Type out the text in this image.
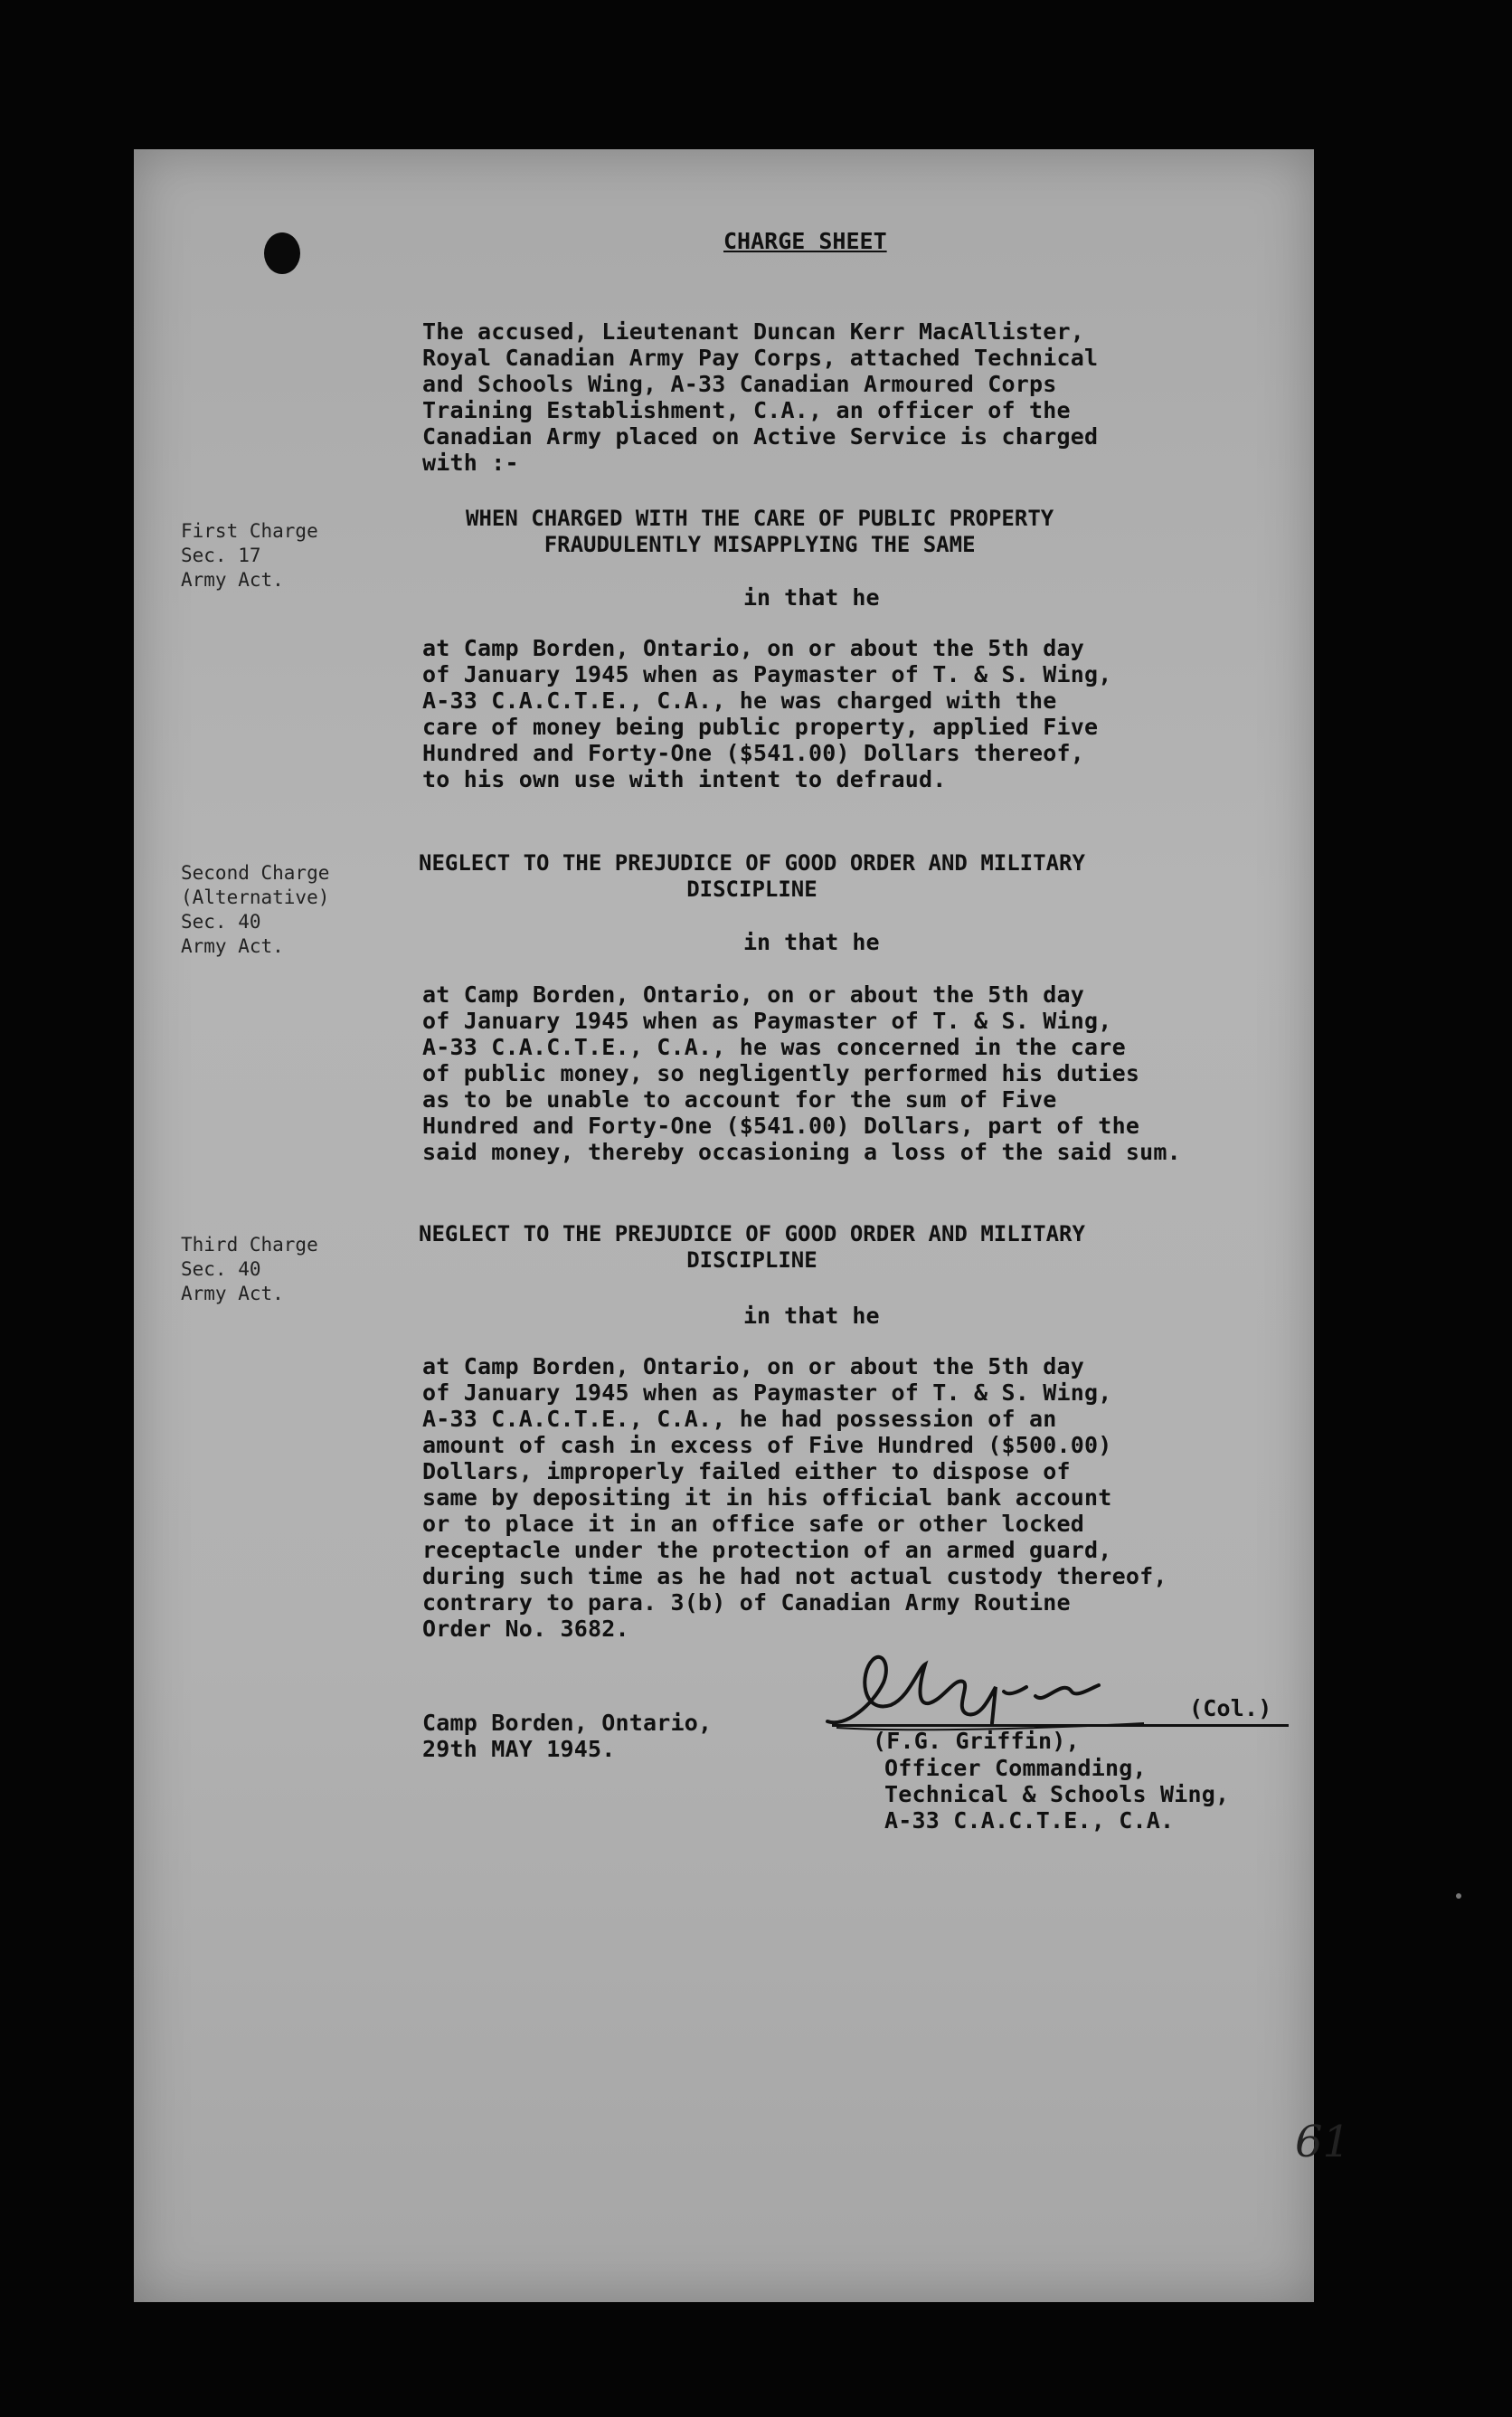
CHARGE SHEET
The accused, Lieutenant Duncan Kerr MacAllister,
Royal Canadian Army Pay Corps, attached Technical
and Schools Wing, A-33 Canadian Armoured Corps
Training Establishment, C.A., an officer of the
Canadian Army placed on Active Service is charged
with :-
First Charge
Sec. 17
Army Act.
WHEN CHARGED WITH THE CARE OF PUBLIC PROPERTY
FRAUDULENTLY MISAPPLYING THE SAME
in that he
at Camp Borden, Ontario, on or about the 5th day
of January 1945 when as Paymaster of T. & S. Wing,
A-33 C.A.C.T.E., C.A., he was charged with the
care of money being public property, applied Five
Hundred and Forty-One ($541.00) Dollars thereof,
to his own use with intent to defraud.
Second Charge
(Alternative)
Sec. 40
Army Act.
NEGLECT TO THE PREJUDICE OF GOOD ORDER AND MILITARY
DISCIPLINE
in that he
at Camp Borden, Ontario, on or about the 5th day
of January 1945 when as Paymaster of T. & S. Wing,
A-33 C.A.C.T.E., C.A., he was concerned in the care
of public money, so negligently performed his duties
as to be unable to account for the sum of Five
Hundred and Forty-One ($541.00) Dollars, part of the
said money, thereby occasioning a loss of the said sum.
Third Charge
Sec. 40
Army Act.
NEGLECT TO THE PREJUDICE OF GOOD ORDER AND MILITARY
DISCIPLINE
in that he
at Camp Borden, Ontario, on or about the 5th day
of January 1945 when as Paymaster of T. & S. Wing,
A-33 C.A.C.T.E., C.A., he had possession of an
amount of cash in excess of Five Hundred ($500.00)
Dollars, improperly failed either to dispose of
same by depositing it in his official bank account
or to place it in an office safe or other locked
receptacle under the protection of an armed guard,
during such time as he had not actual custody thereof,
contrary to para. 3(b) of Canadian Army Routine
Order No. 3682.
Camp Borden, Ontario,
29th MAY 1945.
(Col.)
(F.G. Griffin),
Officer Commanding,
Technical & Schools Wing,
A-33 C.A.C.T.E., C.A.
61
